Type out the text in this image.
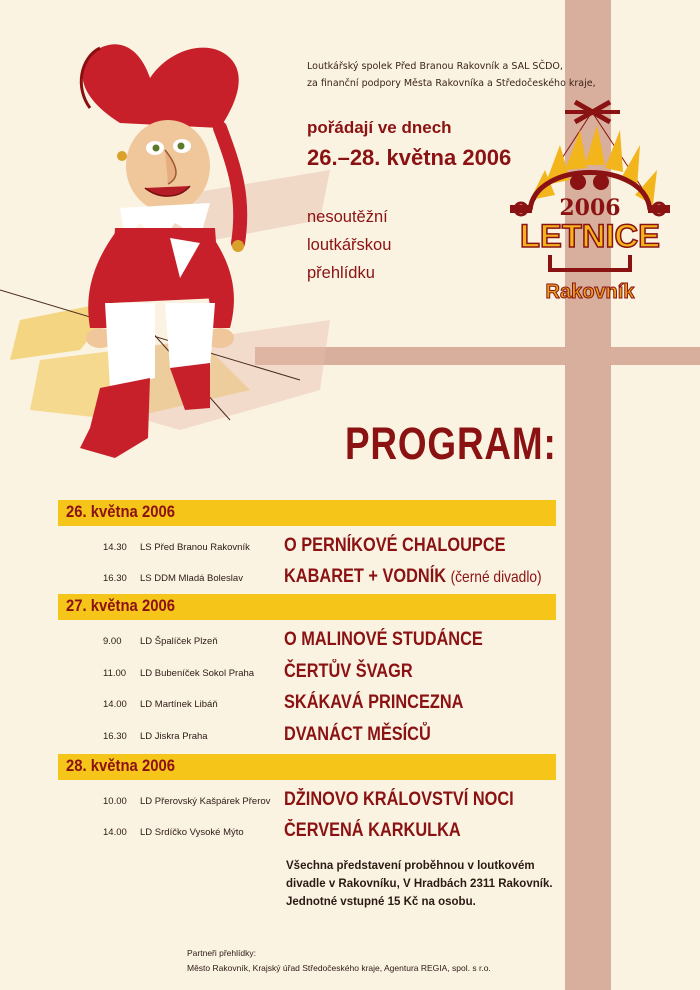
Loutkářský spolek Před Branou Rakovník a SAL SČDO,
za finanční podpory Města Rakovníka a Středočeského kraje,
pořádají ve dnech
26.–28. května 2006
nesoutěžní
loutkářskou
přehlídku
2006
LETNICE
Rakovník
PROGRAM:
26. května 2006
14.30 LS Před Branou Rakovník O PERNÍKOVÉ CHALOUPCE
16.30 LS DDM Mladá Boleslav KABARET + VODNÍK (černé divadlo)
27. května 2006
9.00 LD Špalíček Plzeň	O MALINOVÉ STUDÁNCE
11.00 LD Bubeníček Sokol Praha ČERTŮV ŠVAGR
14.00 LD Martínek Libáň	SKÁKAVÁ PRINCEZNA
16.30 LD Jiskra Praha	DVANÁCT MĚSÍCŮ
28. května 2006
10.00 LD Přerovský Kašpárek Přerov DŽINOVO KRÁLOVSTVÍ NOCI
14.00 LD Srdíčko Vysoké Mýto ČERVENÁ KARKULKA
Všechna představení proběhnou v loutkovém
divadle v Rakovníku, V Hradbách 2311 Rakovník.
Jednotné vstupné 15 Kč na osobu.
Partneři přehlídky:
Město Rakovník, Krajský úřad Středočeského kraje, Agentura REGIA, spol. s r.o.
